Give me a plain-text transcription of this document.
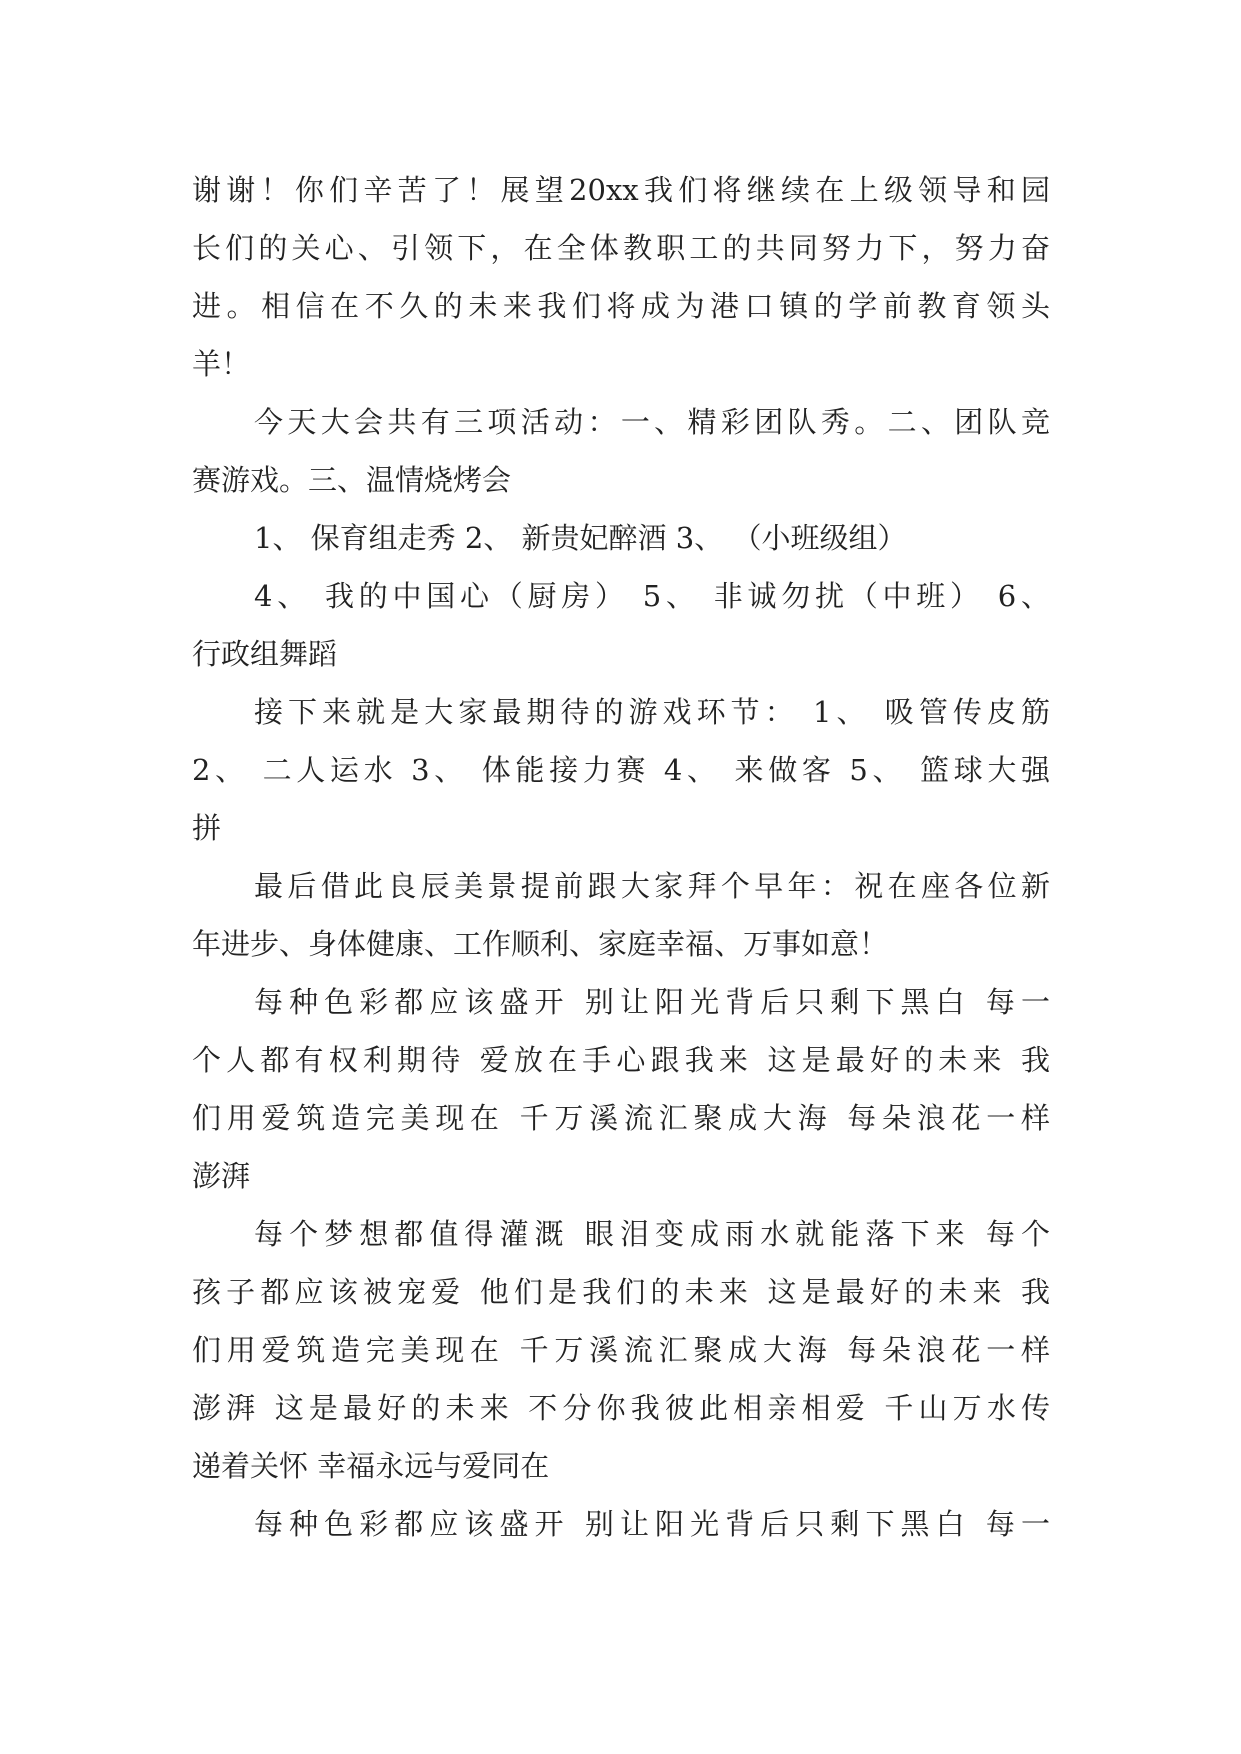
谢谢！你们辛苦了！展望20xx我们将继续在上级领导和园
长们的关心、引领下，在全体教职工的共同努力下，努力奋
进。相信在不久的未来我们将成为港口镇的学前教育领头
羊！
今天大会共有三项活动：一、精彩团队秀。二、团队竞
赛游戏。三、温情烧烤会
1、 保育组走秀 2、 新贵妃醉酒 3、 （小班级组）
4、 我的中国心（厨房） 5、 非诚勿扰（中班） 6、
行政组舞蹈
接下来就是大家最期待的游戏环节： 1、 吸管传皮筋
2、 二人运水 3、 体能接力赛 4、 来做客 5、 篮球大强
拼
最后借此良辰美景提前跟大家拜个早年：祝在座各位新
年进步、身体健康、工作顺利、家庭幸福、万事如意！
每种色彩都应该盛开 别让阳光背后只剩下黑白 每一
个人都有权利期待 爱放在手心跟我来 这是最好的未来 我
们用爱筑造完美现在 千万溪流汇聚成大海 每朵浪花一样
澎湃
每个梦想都值得灌溉 眼泪变成雨水就能落下来 每个
孩子都应该被宠爱 他们是我们的未来 这是最好的未来 我
们用爱筑造完美现在 千万溪流汇聚成大海 每朵浪花一样
澎湃 这是最好的未来 不分你我彼此相亲相爱 千山万水传
递着关怀 幸福永远与爱同在
每种色彩都应该盛开 别让阳光背后只剩下黑白 每一
